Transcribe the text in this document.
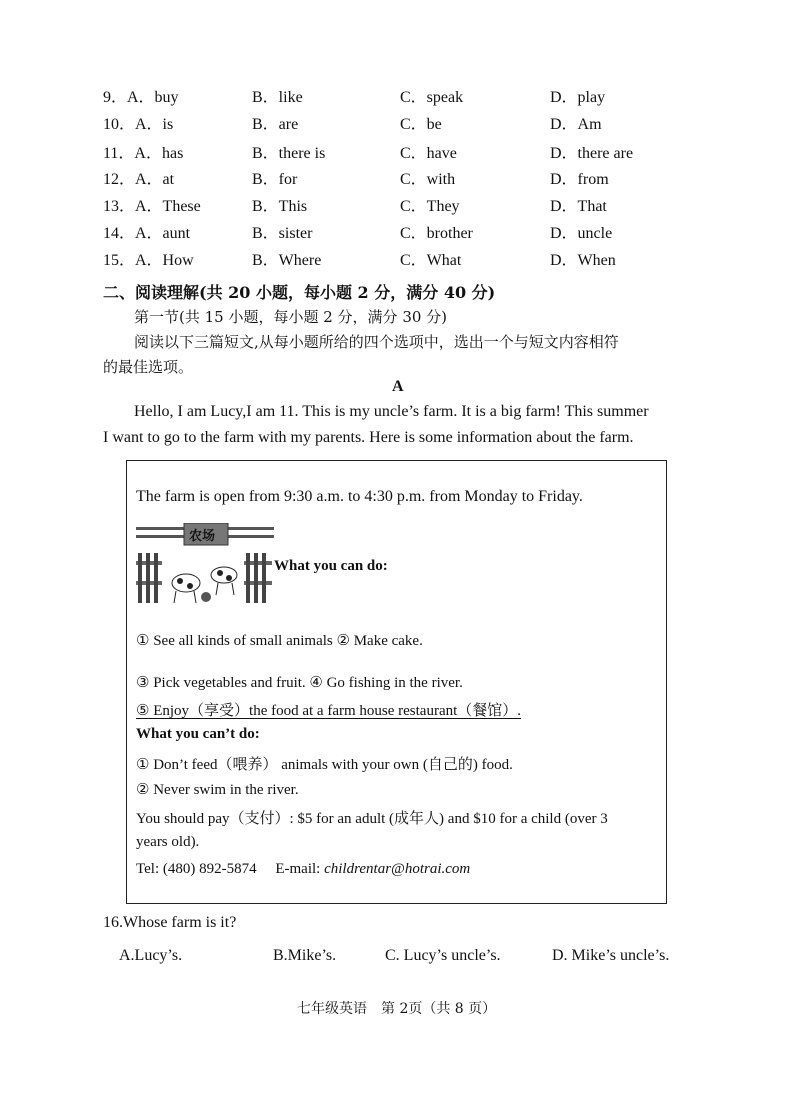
9．A．buy	B．like	C．speak	D．play
10．A．is	B．are	C．be	D．Am
11．A．has	B．there is	C．have	D．there are
12．A．at	B．for	C．with	D．from
13．A．These	B．This	C．They	D．That
14．A．aunt	B．sister	C．brother	D．uncle
15．A．How	B．Where	C．What	D．When
二、阅读理解(共 20 小题，每小题 2 分，满分 40 分)
第一节(共 15 小题，每小题 2 分，满分 30 分)
阅读以下三篇短文,从每小题所给的四个选项中，选出一个与短文内容相符
的最佳选项。
A
Hello, I am Lucy,I am 11. This is my uncle’s farm. It is a big farm! This summer
I want to go to the farm with my parents. Here is some information about the farm.
The farm is open from 9:30 a.m. to 4:30 p.m. from Monday to Friday.
农场
What you can do:
① See all kinds of small animals ② Make cake.
③ Pick vegetables and fruit. ④ Go fishing in the river.
⑤ Enjoy（享受）the food at a farm house restaurant（餐馆）.
What you can’t do:
① Don’t feed（喂养） animals with your own (自己的) food.
② Never swim in the river.
You should pay（支付）: $5 for an adult (成年人) and $10 for a child (over 3
years old).
Tel: (480) 892-5874 E-mail: childrentar@hotrai.com
16.Whose farm is it?
A.Lucy’s.	B.Mike’s.	C. Lucy’s uncle’s.	D. Mike’s uncle’s.
七年级英语　第 2页（共 8 页）
